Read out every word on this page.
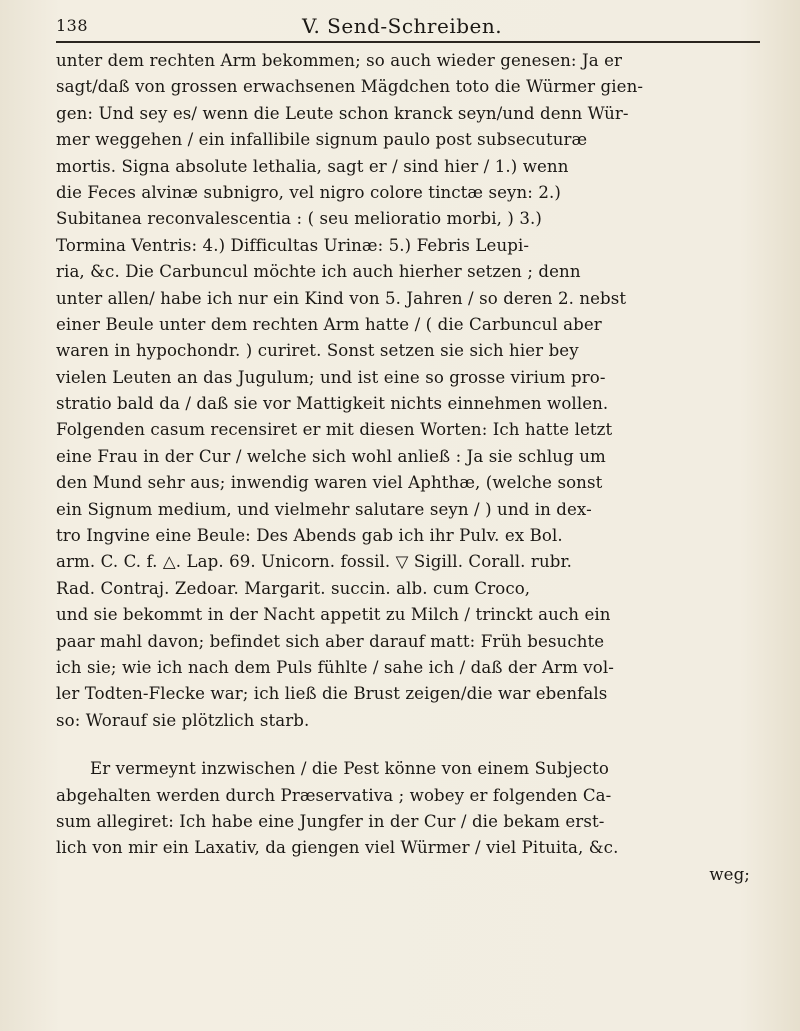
138	V. Send-Schreiben.
unter dem rechten Arm bekommen; so auch wieder genesen: Ja er
sagt/daß von grossen erwachsenen Mägdchen toto die Würmer gien-
gen: Und sey es/ wenn die Leute schon kranck seyn/und denn Wür-
mer weggehen / ein infallibile signum paulo post subsecuturæ
mortis. Signa absolute lethalia, sagt er / sind hier / 1.) wenn
die Feces alvinæ subnigro, vel nigro colore tinctæ seyn: 2.)
Subitanea reconvalescentia : ( seu melioratio morbi, ) 3.)
Tormina Ventris: 4.) Difficultas Urinæ: 5.) Febris Leupi-
ria, &c. Die Carbuncul möchte ich auch hierher setzen ; denn
unter allen/ habe ich nur ein Kind von 5. Jahren / so deren 2. nebst
einer Beule unter dem rechten Arm hatte / ( die Carbuncul aber
waren in hypochondr. ) curiret. Sonst setzen sie sich hier bey
vielen Leuten an das Jugulum; und ist eine so grosse virium pro-
stratio bald da / daß sie vor Mattigkeit nichts einnehmen wollen.
Folgenden casum recensiret er mit diesen Worten: Ich hatte letzt
eine Frau in der Cur / welche sich wohl anließ : Ja sie schlug um
den Mund sehr aus; inwendig waren viel Aphthæ, (welche sonst
ein Signum medium, und vielmehr salutare seyn / ) und in dex-
tro Ingvine eine Beule: Des Abends gab ich ihr Pulv. ex Bol.
arm. C. C. f. △. Lap. 69. Unicorn. fossil. ▽ Sigill. Corall. rubr.
Rad. Contraj. Zedoar. Margarit. succin. alb. cum Croco,
und sie bekommt in der Nacht appetit zu Milch / trinckt auch ein
paar mahl davon; befindet sich aber darauf matt: Früh besuchte
ich sie; wie ich nach dem Puls fühlte / sahe ich / daß der Arm vol-
ler Todten-Flecke war; ich ließ die Brust zeigen/die war ebenfals
so: Worauf sie plötzlich starb.
Er vermeynt inzwischen / die Pest könne von einem Subjecto
abgehalten werden durch Præservativa ; wobey er folgenden Ca-
sum allegiret: Ich habe eine Jungfer in der Cur / die bekam erst-
lich von mir ein Laxativ, da giengen viel Würmer / viel Pituita, &c.
weg;
